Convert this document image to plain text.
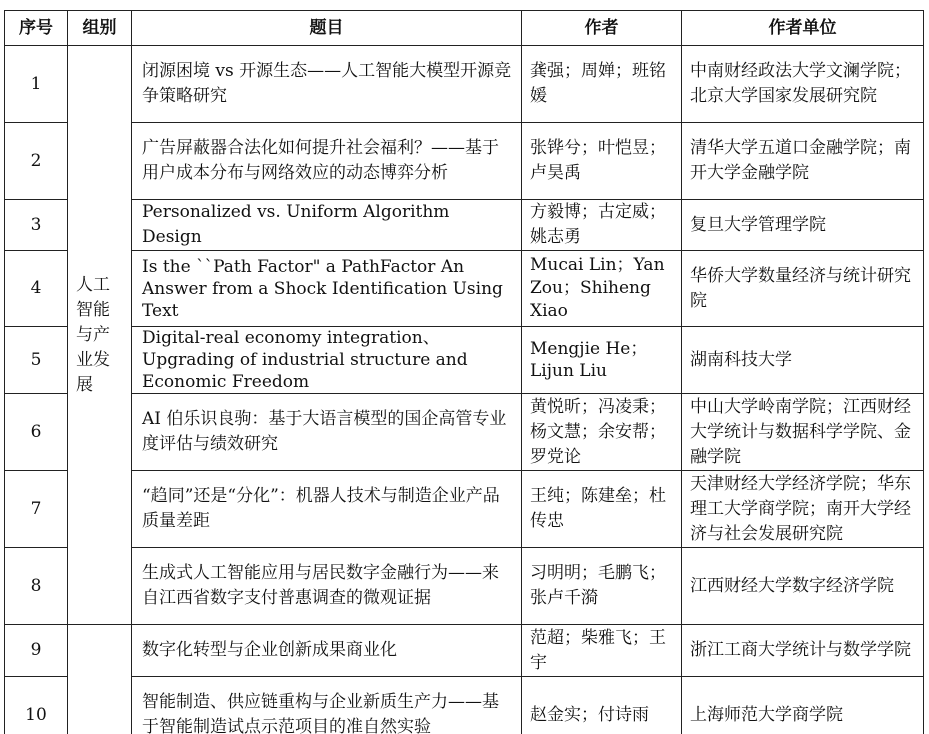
序号	组别	题目	作者	作者单位
1	人工智能与产业发展	闭源困境 vs 开源生态——人工智能大模型开源竞争策略研究	龚强；周婵；班铭媛	中南财经政法大学文澜学院；北京大学国家发展研究院
2		广告屏蔽器合法化如何提升社会福利？——基于用户成本分布与网络效应的动态博弈分析	张铧兮；叶恺昱；卢昊禹	清华大学五道口金融学院；南开大学金融学院
3		Personalized vs. Uniform Algorithm Design	方毅博；古定威；姚志勇	复旦大学管理学院
4		Is the ``Path Factor" a PathFactor An Answer from a Shock Identification Using Text	Mucai Lin；Yan Zou；Shiheng Xiao	华侨大学数量经济与统计研究院
5		Digital-real economy integration、Upgrading of industrial structure and Economic Freedom	Mengjie He；Lijun Liu	湖南科技大学
6		AI 伯乐识良驹：基于大语言模型的国企高管专业度评估与绩效研究	黄悦昕；冯凌秉；杨文慧；余安帮；罗党论	中山大学岭南学院；江西财经大学统计与数据科学学院、金融学院
7		“趋同”还是“分化”：机器人技术与制造企业产品质量差距	王纯；陈建垒；杜传忠	天津财经大学经济学院；华东理工大学商学院；南开大学经济与社会发展研究院
8		生成式人工智能应用与居民数字金融行为——来自江西省数字支付普惠调查的微观证据	习明明；毛鹏飞；张卢千漪	江西财经大学数字经济学院
9		数字化转型与企业创新成果商业化	范超；柴雅飞；王宇	浙江工商大学统计与数学学院
10		智能制造、供应链重构与企业新质生产力——基于智能制造试点示范项目的准自然实验	赵金实；付诗雨	上海师范大学商学院
